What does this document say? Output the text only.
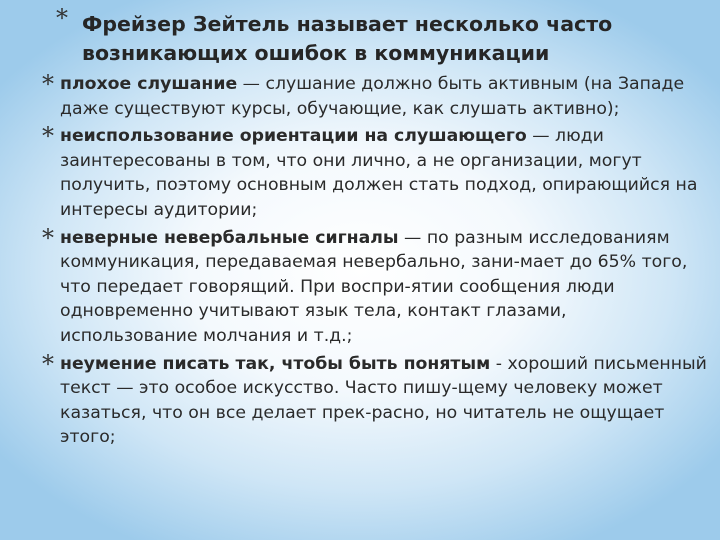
* Фрейзер Зейтель называет несколько часто возникающих ошибок в коммуникации
* плохое слушание — слушание должно быть активным (на Западе даже существуют курсы, обучающие, как слушать активно);
* неиспользование ориентации на слушающего — люди заинтересованы в том, что они лично, а не организации, могут получить, поэтому основным должен стать подход, опирающийся на интересы аудитории;
* неверные невербальные сигналы — по разным исследованиям коммуникация, передаваемая невербально, зани-мает до 65% того, что передает говорящий. При воспри-ятии сообщения люди одновременно учитывают язык тела, контакт глазами, использование молчания и т.д.;
* неумение писать так, чтобы быть понятым - хороший письменный текст — это особое искусство. Часто пишу-щему человеку может казаться, что он все делает прек-расно, но читатель не ощущает этого;
